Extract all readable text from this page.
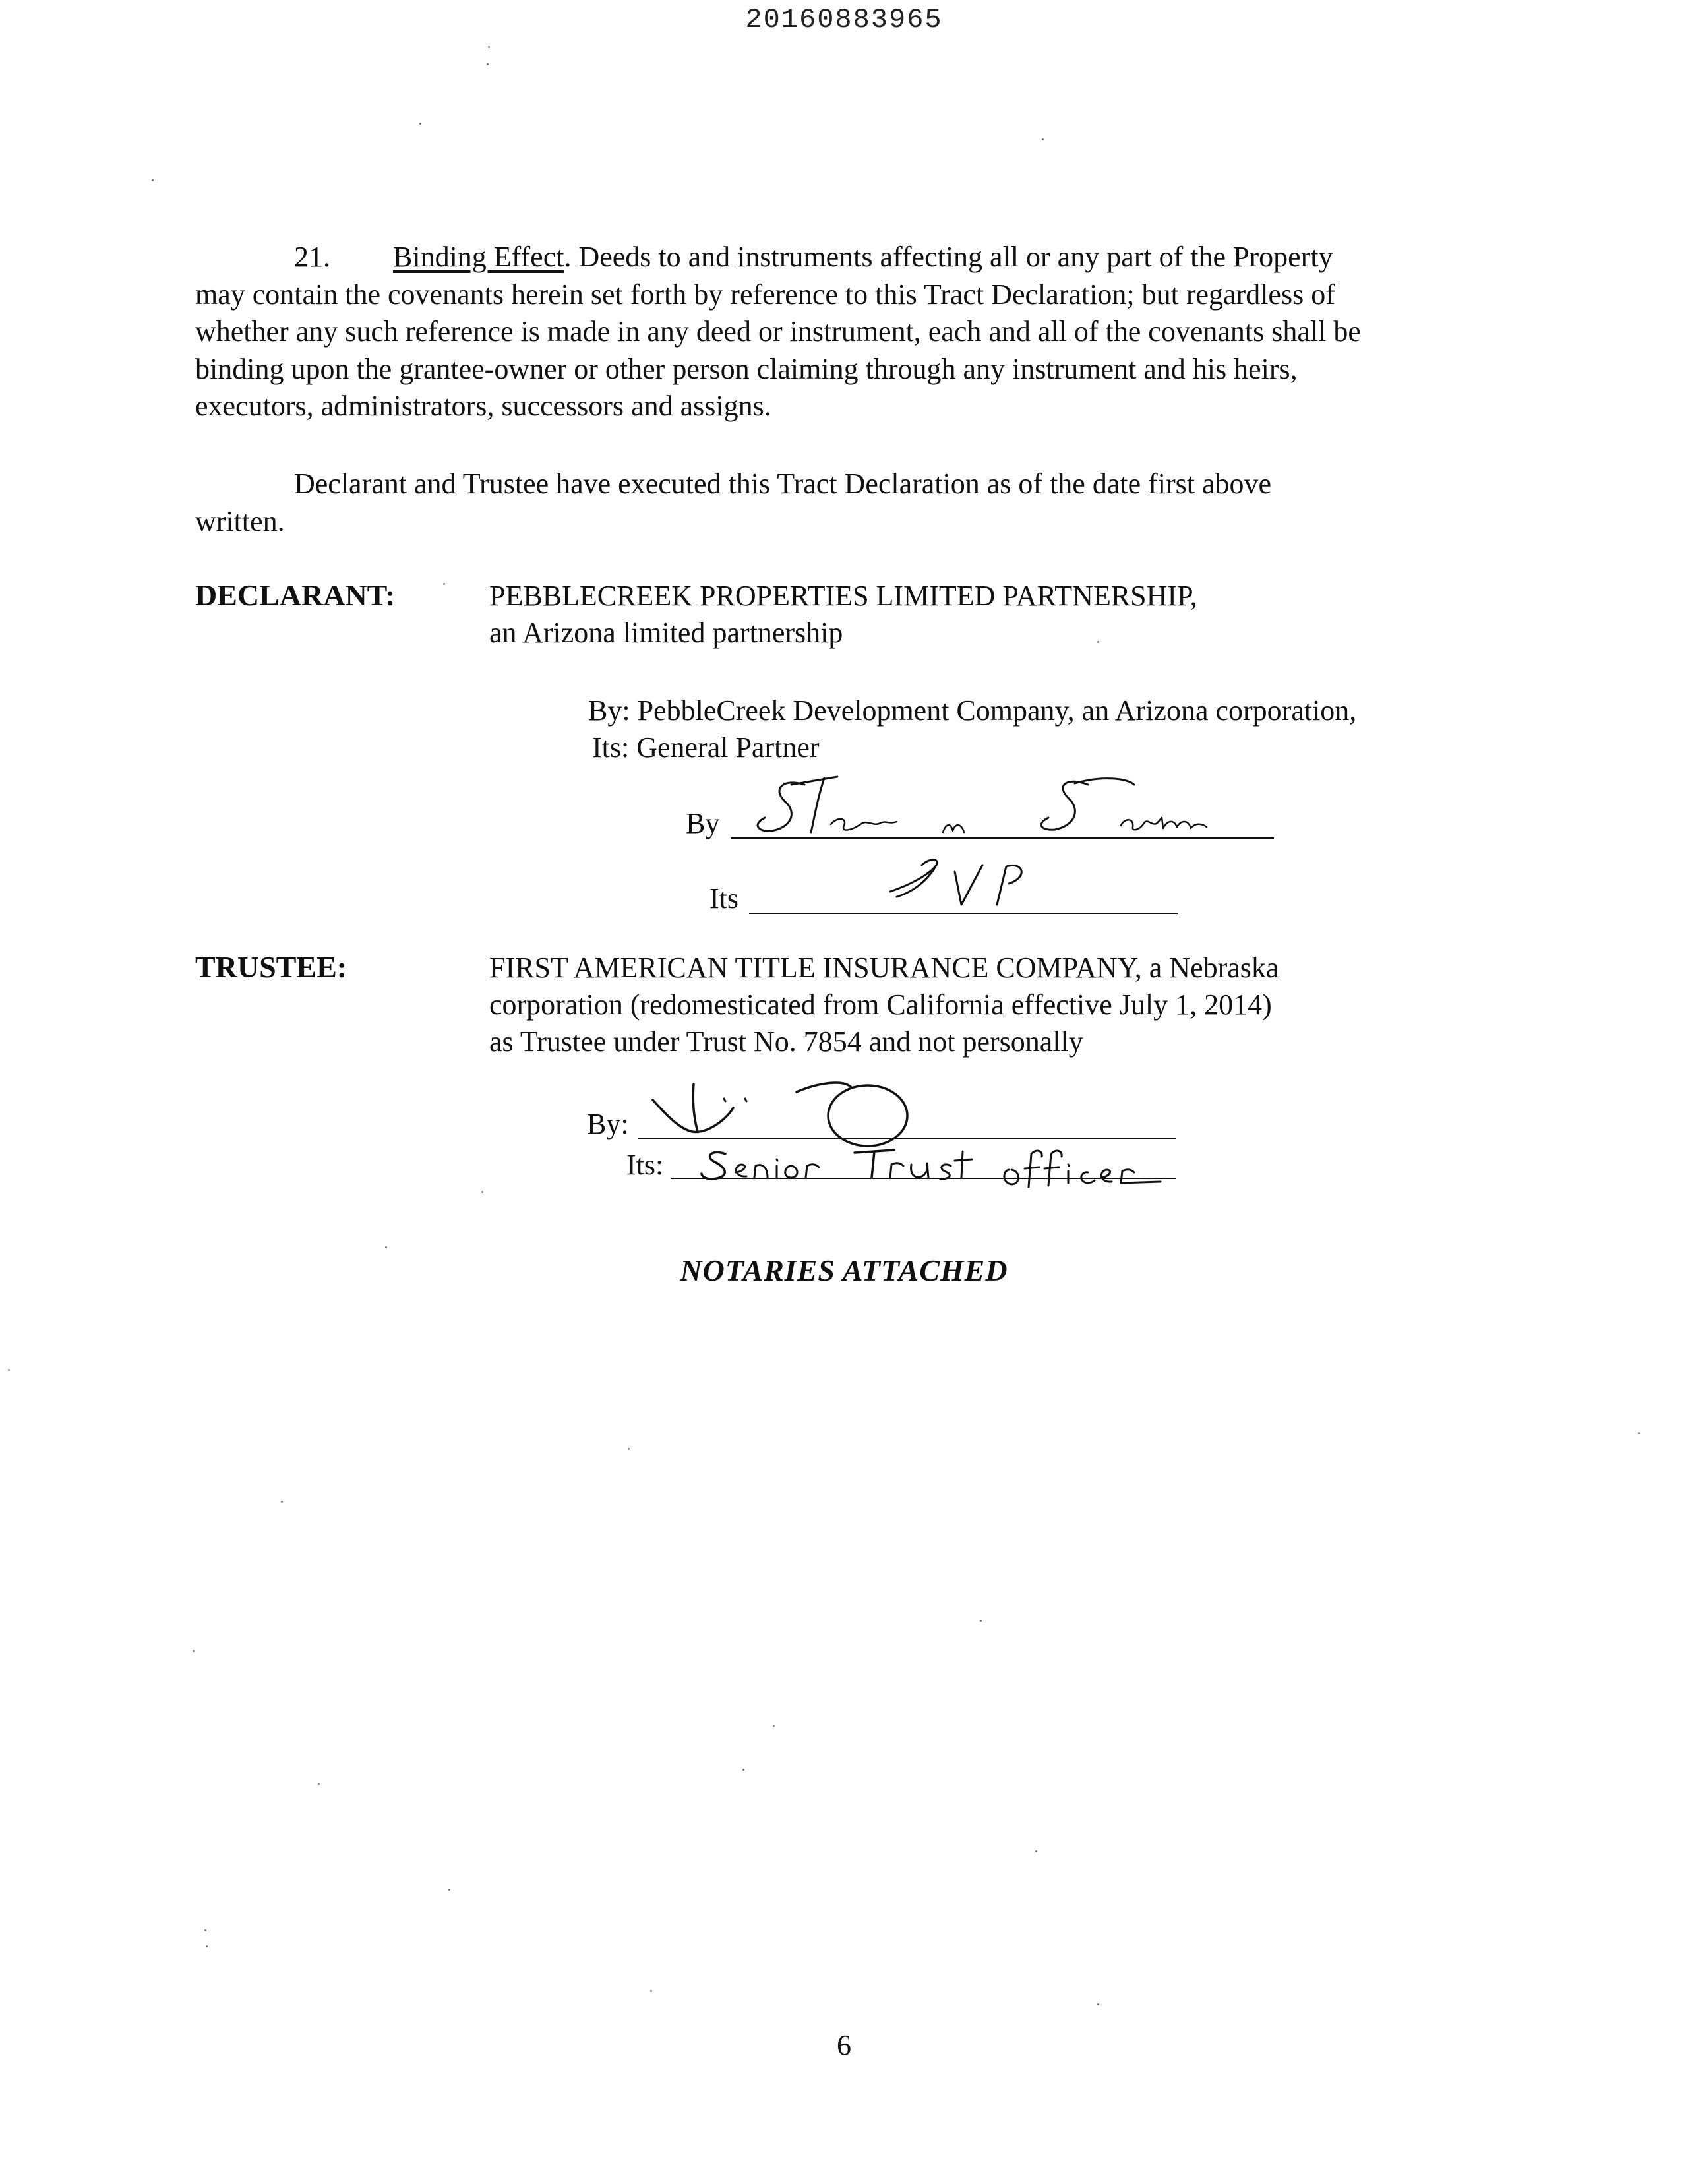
20160883965
21. Binding Effect. Deeds to and instruments affecting all or any part of the Property
may contain the covenants herein set forth by reference to this Tract Declaration; but regardless of
whether any such reference is made in any deed or instrument, each and all of the covenants shall be
binding upon the grantee-owner or other person claiming through any instrument and his heirs,
executors, administrators, successors and assigns.
Declarant and Trustee have executed this Tract Declaration as of the date first above
written.
DECLARANT:	PEBBLECREEK PROPERTIES LIMITED PARTNERSHIP,
an Arizona limited partnership
By: PebbleCreek Development Company, an Arizona corporation,
Its: General Partner
By
Its
TRUSTEE:	FIRST AMERICAN TITLE INSURANCE COMPANY, a Nebraska
corporation (redomesticated from California effective July 1, 2014)
as Trustee under Trust No. 7854 and not personally
By:
Its:
NOTARIES ATTACHED
6
